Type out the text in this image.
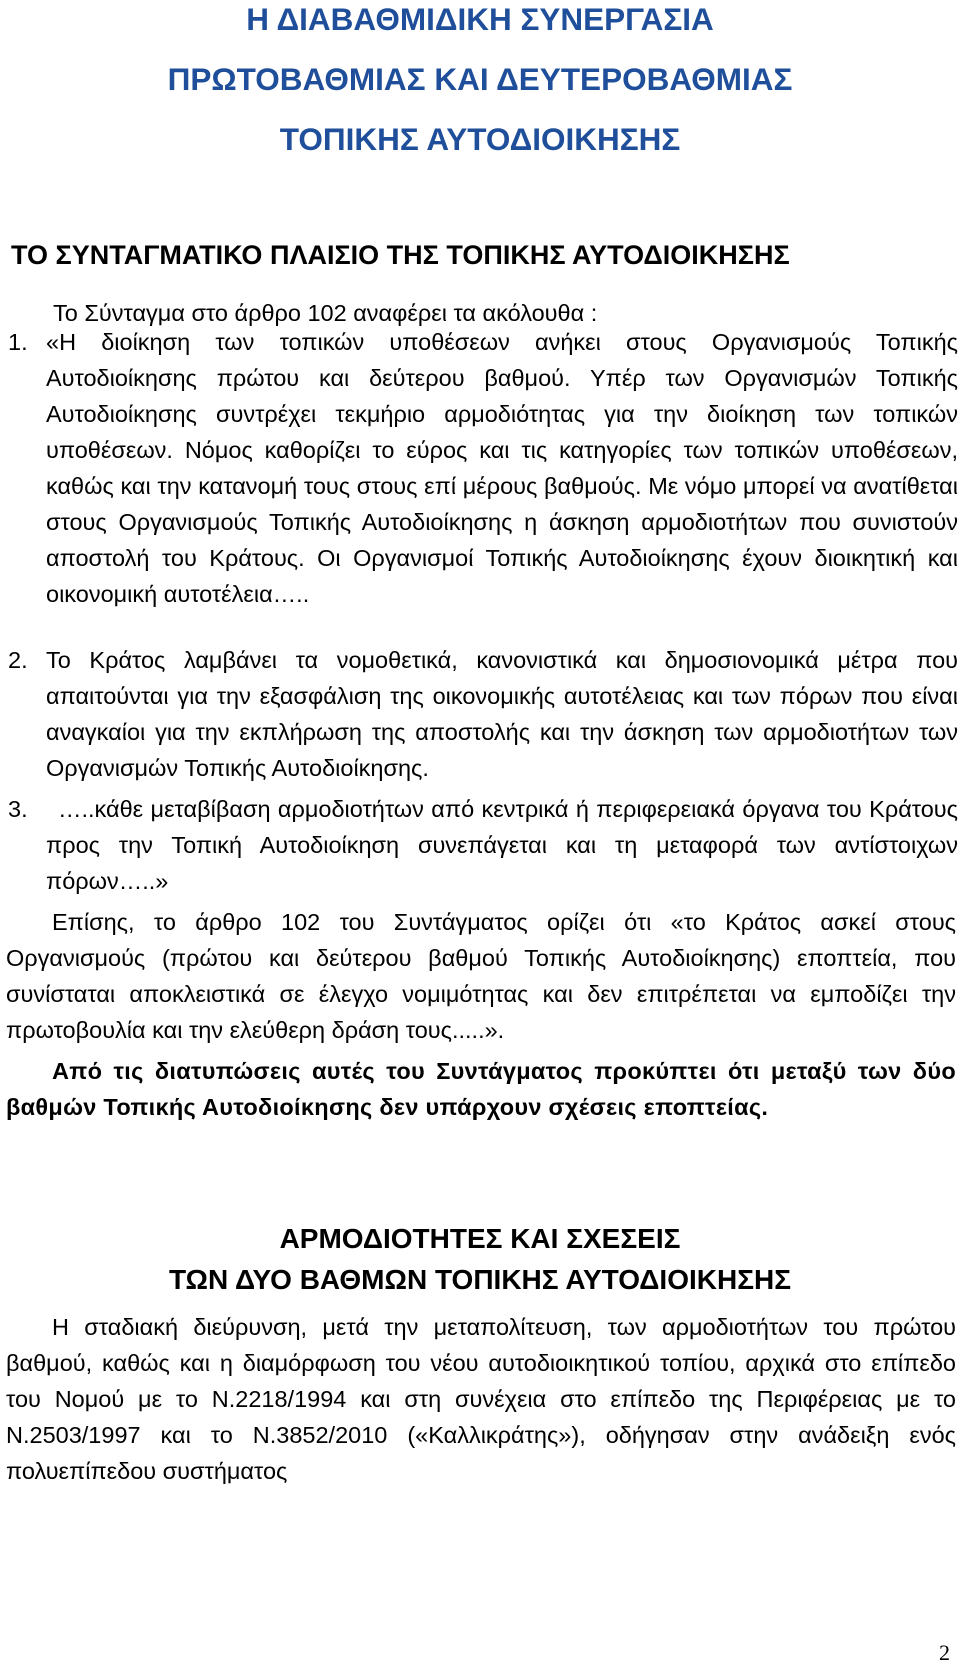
Η ΔΙΑΒΑΘΜΙΔΙΚΗ ΣΥΝΕΡΓΑΣΙΑ
ΠΡΩΤΟΒΑΘΜΙΑΣ ΚΑΙ ΔΕΥΤΕΡΟΒΑΘΜΙΑΣ
ΤΟΠΙΚΗΣ ΑΥΤΟΔΙΟΙΚΗΣΗΣ
ΤΟ ΣΥΝΤΑΓΜΑΤΙΚΟ ΠΛΑΙΣΙΟ ΤΗΣ ΤΟΠΙΚΗΣ ΑΥΤΟΔΙΟΙΚΗΣΗΣ
Το Σύνταγμα στο άρθρο 102 αναφέρει τα ακόλουθα :
1. «Η διοίκηση των τοπικών υποθέσεων ανήκει στους Οργανισμούς Τοπικής Αυτοδιοίκησης πρώτου και δεύτερου βαθμού. Υπέρ των Οργανισμών Τοπικής Αυτοδιοίκησης συντρέχει τεκμήριο αρμοδιότητας για την διοίκηση των τοπικών υποθέσεων. Νόμος καθορίζει το εύρος και τις κατηγορίες των τοπικών υποθέσεων, καθώς και την κατανομή τους στους επί μέρους βαθμούς. Με νόμο μπορεί να ανατίθεται στους Οργανισμούς Τοπικής Αυτοδιοίκησης η άσκηση αρμοδιοτήτων που συνιστούν αποστολή του Κράτους. Οι Οργανισμοί Τοπικής Αυτοδιοίκησης έχουν διοικητική και οικονομική αυτοτέλεια…..
2. Το Κράτος λαμβάνει τα νομοθετικά, κανονιστικά και δημοσιονομικά μέτρα που απαιτούνται για την εξασφάλιση της οικονομικής αυτοτέλειας και των πόρων που είναι αναγκαίοι για την εκπλήρωση της αποστολής και την άσκηση των αρμοδιοτήτων των Οργανισμών Τοπικής Αυτοδιοίκησης.
3.	…..κάθε μεταβίβαση αρμοδιοτήτων από κεντρικά ή περιφερειακά όργανα του Κράτους προς την Τοπική Αυτοδιοίκηση συνεπάγεται και τη μεταφορά των αντίστοιχων πόρων…..»
Επίσης, το άρθρο 102 του Συντάγματος ορίζει ότι «το Κράτος ασκεί στους Οργανισμούς (πρώτου και δεύτερου βαθμού Τοπικής Αυτοδιοίκησης) εποπτεία, που συνίσταται αποκλειστικά σε έλεγχο νομιμότητας και δεν επιτρέπεται να εμποδίζει την πρωτοβουλία και την ελεύθερη δράση τους.....».
Από τις διατυπώσεις αυτές του Συντάγματος προκύπτει ότι μεταξύ των δύο βαθμών Τοπικής Αυτοδιοίκησης δεν υπάρχουν σχέσεις εποπτείας.
ΑΡΜΟΔΙΟΤΗΤΕΣ ΚΑΙ ΣΧΕΣΕΙΣ
ΤΩΝ ΔΥΟ ΒΑΘΜΩΝ ΤΟΠΙΚΗΣ ΑΥΤΟΔΙΟΙΚΗΣΗΣ
Η σταδιακή διεύρυνση, μετά την μεταπολίτευση, των αρμοδιοτήτων του πρώτου βαθμού, καθώς και η διαμόρφωση του νέου αυτοδιοικητικού τοπίου, αρχικά στο επίπεδο του Νομού με το Ν.2218/1994 και στη συνέχεια στο επίπεδο της Περιφέρειας με το Ν.2503/1997 και το Ν.3852/2010 («Καλλικράτης»), οδήγησαν στην ανάδειξη ενός πολυεπίπεδου συστήματος
2
